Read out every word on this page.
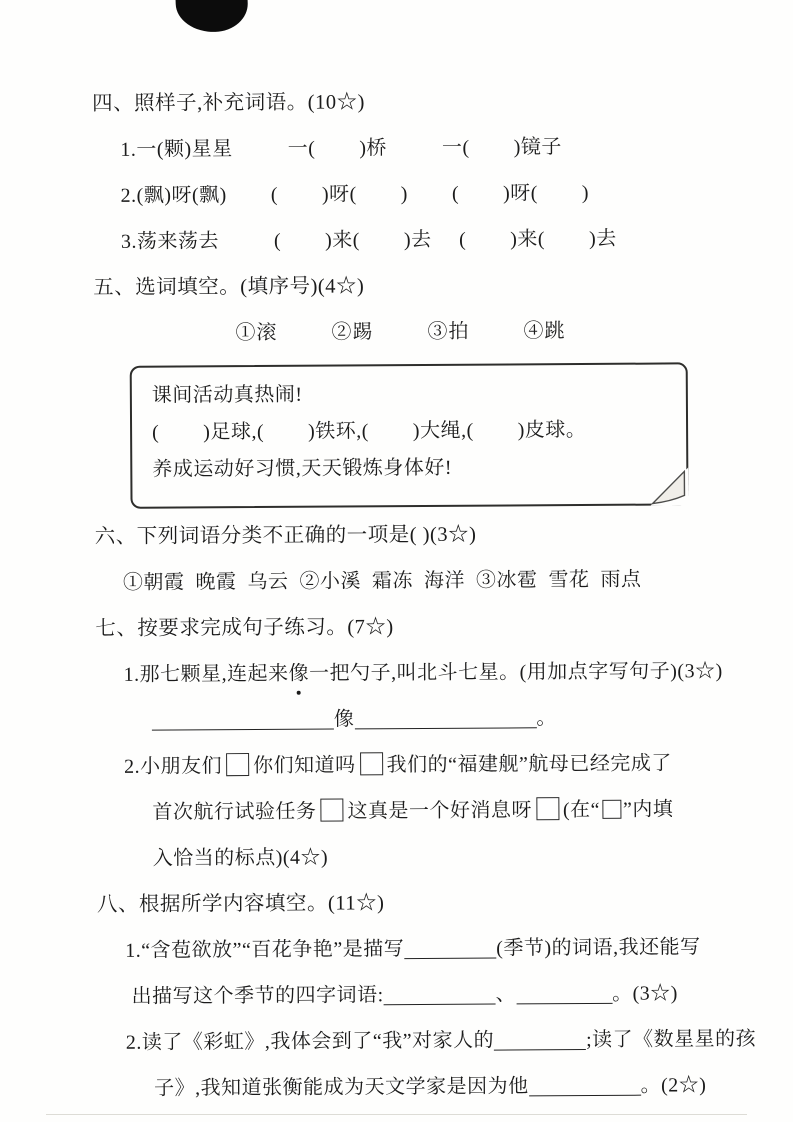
四、照样子,补充词语。(10☆)
1.一(颗)星星          一(        )桥          一(        )镜子
2.(飘)呀(飘)        (        )呀(        )        (        )呀(        )
3.荡来荡去          (        )来(        )去     (        )来(        )去
五、选词填空。(填序号)(4☆)
①滚         ②踢         ③拍         ④跳
课间活动真热闹!
(        )足球,(        )铁环,(        )大绳,(        )皮球。
养成运动好习惯,天天锻炼身体好!
六、下列词语分类不正确的一项是( )(3☆)
①朝霞  晚霞  乌云  ②小溪  霜冻  海洋  ③冰雹  雪花  雨点
七、按要求完成句子练习。(7☆)
1.那七颗星,连起来像一把勺子,叫北斗七星。(用加点字写句子)(3☆)
像	。
2.小朋友们 你们知道吗 我们的“福建舰”航母已经完成了
首次航行试验任务 这真是一个好消息呀 (在“ ”内填
入恰当的标点)(4☆)
八、根据所学内容填空。(11☆)
1.“含苞欲放”“百花争艳”是描写	(季节)的词语,我还能写
出描写这个季节的四字词语:	、	。(3☆)
2.读了《彩虹》,我体会到了“我”对家人的	;读了《数星星的孩
子》,我知道张衡能成为天文学家是因为他	。(2☆)
